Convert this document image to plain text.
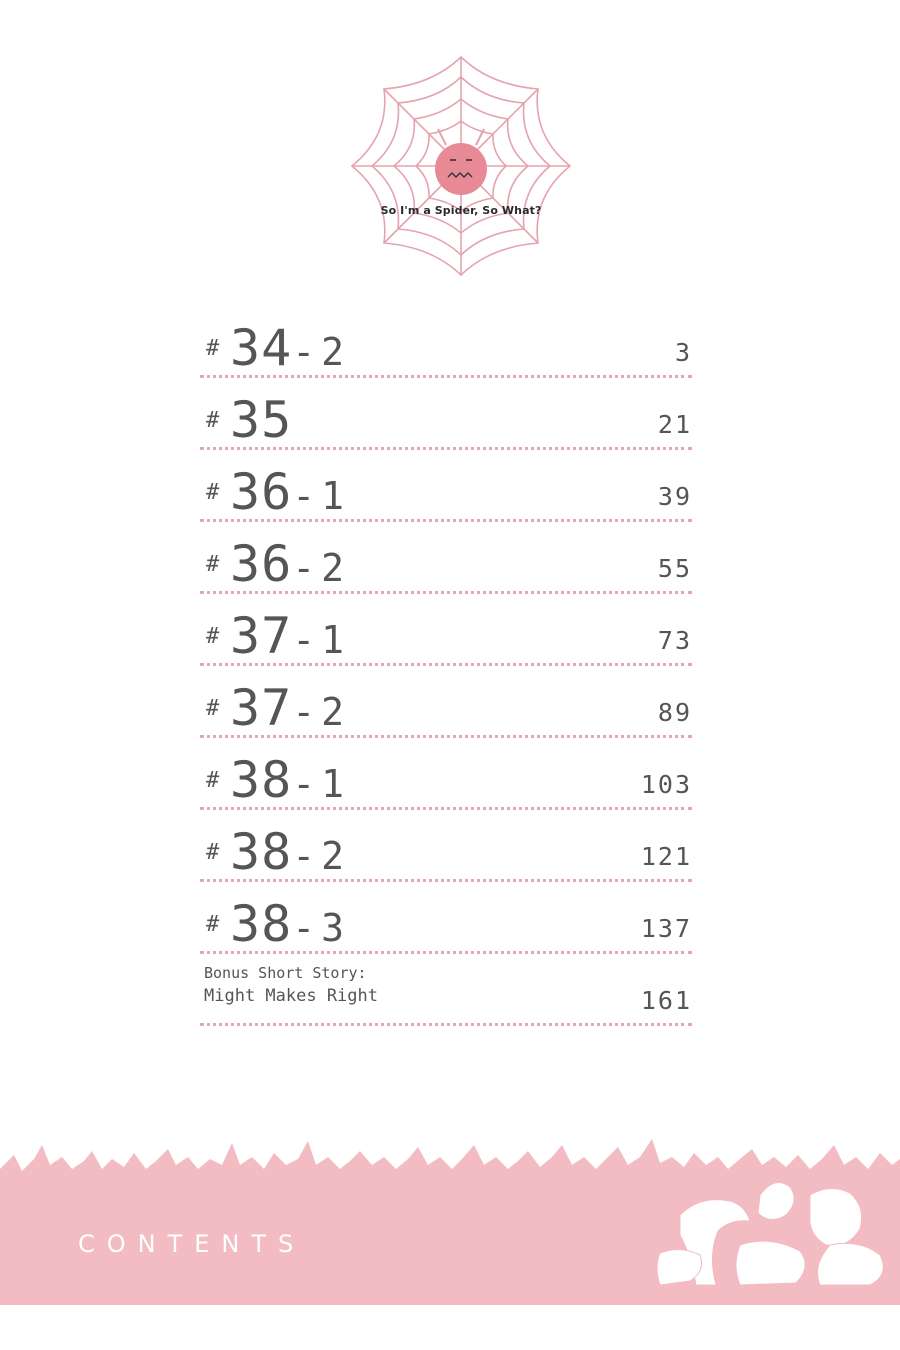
So I'm a Spider, So What?
# 34-2	3
# 35	21
# 36-1	39
# 36-2	55
# 37-1	73
# 37-2	89
# 38-1	103
# 38-2	121
# 38-3	137
Bonus Short Story:
Might Makes Right	161
CONTENTS
